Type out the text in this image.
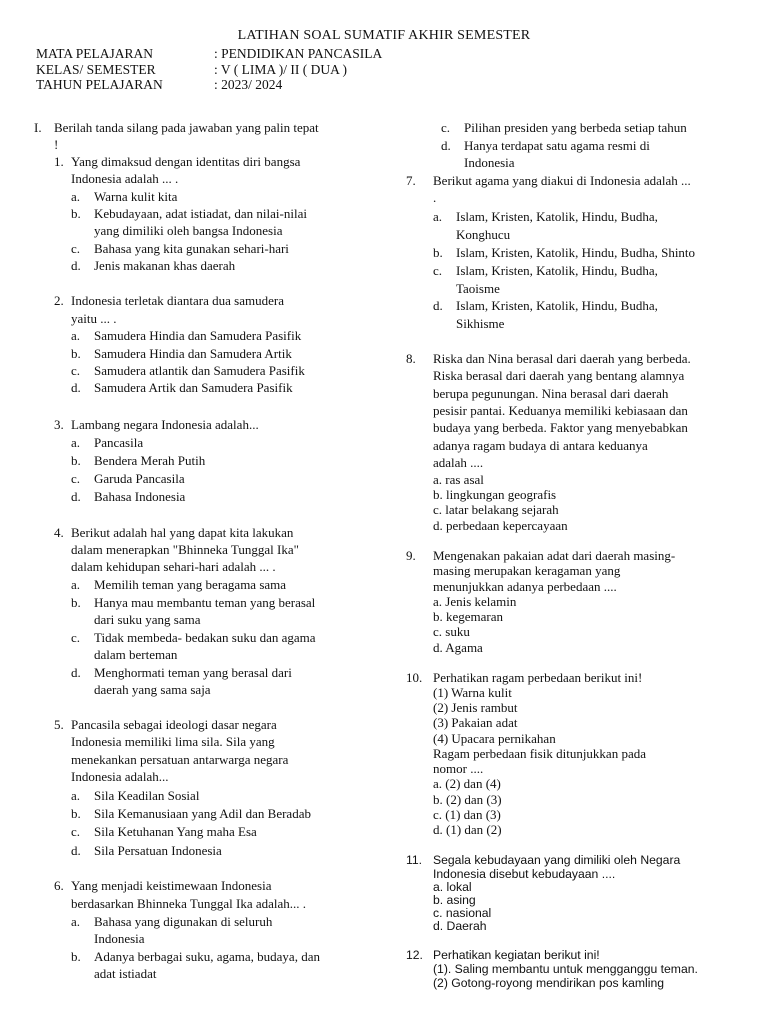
LATIHAN SOAL SUMATIF AKHIR SEMESTER
MATA PELAJARAN	: PENDIDIKAN PANCASILA
KELAS/ SEMESTER	: V ( LIMA )/ II ( DUA )
TAHUN PELAJARAN	: 2023/ 2024
I. Berilah tanda silang pada jawaban yang palin tepat
!
1. Yang dimaksud dengan identitas diri bangsa
Indonesia adalah ... .
a. Warna kulit kita
b. Kebudayaan, adat istiadat, dan nilai-nilai
yang dimiliki oleh bangsa Indonesia
c. Bahasa yang kita gunakan sehari-hari
d. Jenis makanan khas daerah
2. Indonesia terletak diantara dua samudera
yaitu ... .
a. Samudera Hindia dan Samudera Pasifik
b. Samudera Hindia dan Samudera Artik
c. Samudera atlantik dan Samudera Pasifik
d. Samudera Artik dan Samudera Pasifik
3. Lambang negara Indonesia adalah...
a. Pancasila
b. Bendera Merah Putih
c. Garuda Pancasila
d. Bahasa Indonesia
4. Berikut adalah hal yang dapat kita lakukan
dalam menerapkan "Bhinneka Tunggal Ika"
dalam kehidupan sehari-hari adalah ... .
a. Memilih teman yang beragama sama
b. Hanya mau membantu teman yang berasal
dari suku yang sama
c. Tidak membeda- bedakan suku dan agama
dalam berteman
d. Menghormati teman yang berasal dari
daerah yang sama saja
5. Pancasila sebagai ideologi dasar negara
Indonesia memiliki lima sila. Sila yang
menekankan persatuan antarwarga negara
Indonesia adalah...
a. Sila Keadilan Sosial
b. Sila Kemanusiaan yang Adil dan Beradab
c. Sila Ketuhanan Yang maha Esa
d. Sila Persatuan Indonesia
6. Yang menjadi keistimewaan Indonesia
berdasarkan Bhinneka Tunggal Ika adalah... .
a. Bahasa yang digunakan di seluruh
Indonesia
b. Adanya berbagai suku, agama, budaya, dan
adat istiadat
c. Pilihan presiden yang berbeda setiap tahun
d. Hanya terdapat satu agama resmi di
Indonesia
7. Berikut agama yang diakui di Indonesia adalah ...
.
a. Islam, Kristen, Katolik, Hindu, Budha,
Konghucu
b. Islam, Kristen, Katolik, Hindu, Budha, Shinto
c. Islam, Kristen, Katolik, Hindu, Budha,
Taoisme
d. Islam, Kristen, Katolik, Hindu, Budha,
Sikhisme
8. Riska dan Nina berasal dari daerah yang berbeda.
Riska berasal dari daerah yang bentang alamnya
berupa pegunungan. Nina berasal dari daerah
pesisir pantai. Keduanya memiliki kebiasaan dan
budaya yang berbeda. Faktor yang menyebabkan
adanya ragam budaya di antara keduanya
adalah ....
a. ras asal
b. lingkungan geografis
c. latar belakang sejarah
d. perbedaan kepercayaan
9. Mengenakan pakaian adat dari daerah masing-
masing merupakan keragaman yang
menunjukkan adanya perbedaan ....
a. Jenis kelamin
b. kegemaran
c. suku
d. Agama
10. Perhatikan ragam perbedaan berikut ini!
(1) Warna kulit
(2) Jenis rambut
(3) Pakaian adat
(4) Upacara pernikahan
Ragam perbedaan fisik ditunjukkan pada
nomor ....
a. (2) dan (4)
b. (2) dan (3)
c. (1) dan (3)
d. (1) dan (2)
11. Segala kebudayaan yang dimiliki oleh Negara
Indonesia disebut kebudayaan ....
a. lokal
b. asing
c. nasional
d. Daerah
12. Perhatikan kegiatan berikut ini!
(1). Saling membantu untuk mengganggu teman.
(2) Gotong-royong mendirikan pos kamling
